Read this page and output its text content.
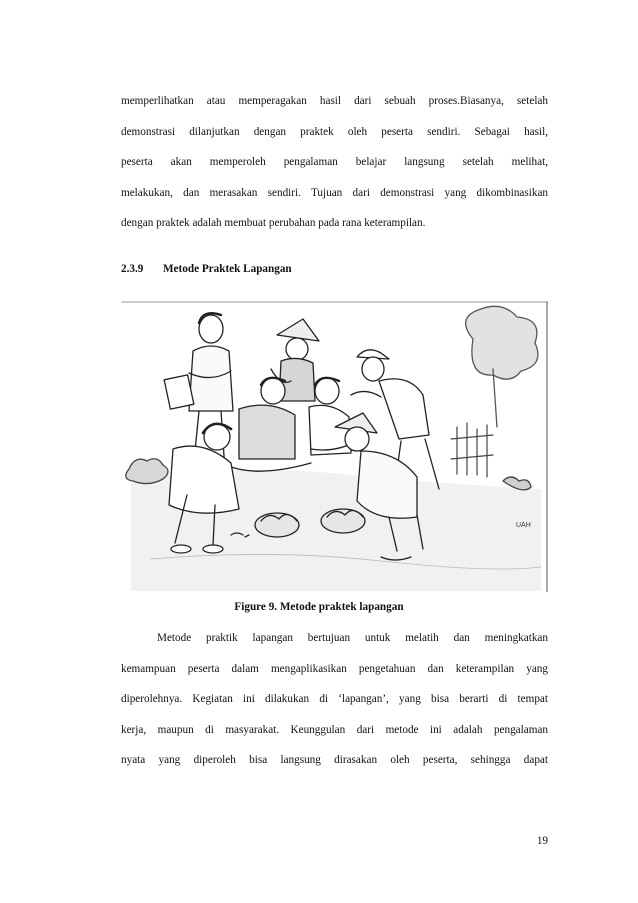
memperlihatkan atau memperagakan hasil dari sebuah proses.Biasanya, setelah
demonstrasi dilanjutkan dengan praktek oleh peserta sendiri. Sebagai hasil,
peserta akan memperoleh pengalaman belajar langsung setelah melihat,
melakukan, dan merasakan sendiri. Tujuan dari demonstrasi yang dikombinasikan
dengan praktek adalah membuat perubahan pada rana keterampilan.
2.3.9 Metode Praktek Lapangan
UAH
Figure 9. Metode praktek lapangan
Metode praktik lapangan bertujuan untuk melatih dan meningkatkan
kemampuan peserta dalam mengaplikasikan pengetahuan dan keterampilan yang
diperolehnya. Kegiatan ini dilakukan di ‘lapangan’, yang bisa berarti di tempat
kerja, maupun di masyarakat. Keunggulan dari metode ini adalah pengalaman
nyata yang diperoleh bisa langsung dirasakan oleh peserta, sehingga dapat
19
